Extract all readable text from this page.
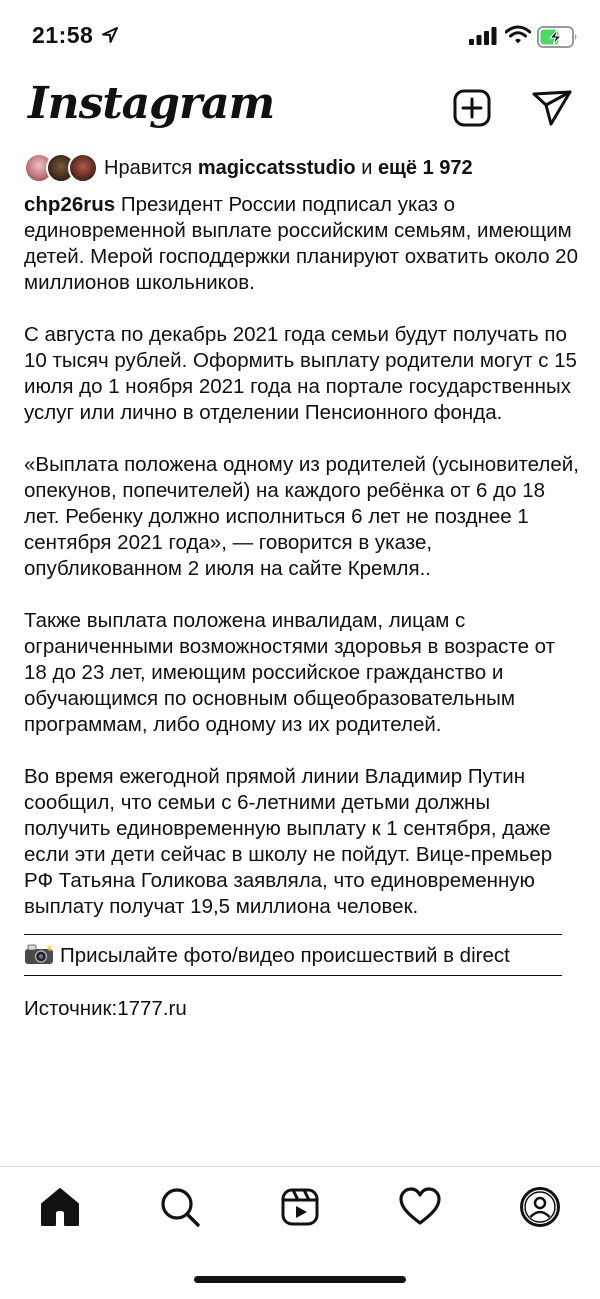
21:58
Instagram
Нравится magiccatsstudio и ещё 1 972

chp26rus Президент России подписал указ о единовременной выплате российским семьям, имеющим детей. Мерой господдержки планируют охватить около 20 миллионов школьников.

С августа по декабрь 2021 года семьи будут получать по 10 тысяч рублей. Оформить выплату родители могут с 15 июля до 1 ноября 2021 года на портале государственных услуг или лично в отделении Пенсионного фонда.

«Выплата положена одному из родителей (усыновителей, опекунов, попечителей) на каждого ребёнка от 6 до 18 лет. Ребенку должно исполниться 6 лет не позднее 1 сентября 2021 года», — говорится в указе, опубликованном 2 июля на сайте Кремля..

Также выплата положена инвалидам, лицам с ограниченными возможностями здоровья в возрасте от 18 до 23 лет, имеющим российское гражданство и обучающимся по основным общеобразовательным программам, либо одному из их родителей.

Во время ежегодной прямой линии Владимир Путин сообщил, что семьи с 6-летними детьми должны получить единовременную выплату к 1 сентября, даже если эти дети сейчас в школу не пойдут. Вице-премьер РФ Татьяна Голикова заявляла, что единовременную выплату получат 19,5 миллиона человек.

Присылайте фото/видео происшествий в direct
Источник:1777.ru
